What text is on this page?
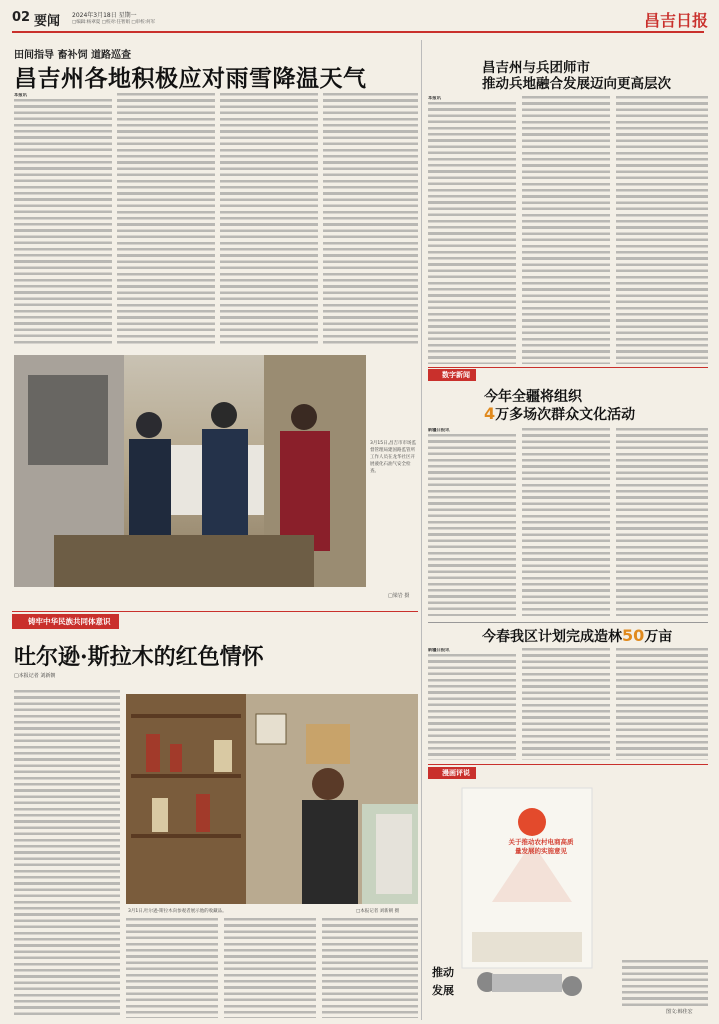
02 要闻 2024年3月18日 星期一
□编辑:杨翠夏 □校对:任智娟 □审校:何军	昌吉日报
田间指导 畜补饲 道路巡查
昌吉州各地积极应对雨雪降温天气
本报讯
3月15日,昌吉市市场监督管理局建国路监管所工作人员在龙华社区开展液化石油气安全检查。
□梁岩 摄
昌吉州与兵团师市
推动兵地融合发展迈向更高层次
本报讯
数字新闻
今年全疆将组织
4万多场次群众文化活动
新疆日报讯
铸牢中华民族共同体意识
吐尔逊·斯拉木的红色情怀
□本报记者 刘新朝
3月1日,吐尔逊·斯拉木向参观者展示他的收藏品。	□本报记者 刘新朝 摄
今春我区计划完成造林50万亩
新疆日报讯
漫画评说
关于推动农村电商高质量发展的实施意见
推动
发展
图文:韩佳宏
